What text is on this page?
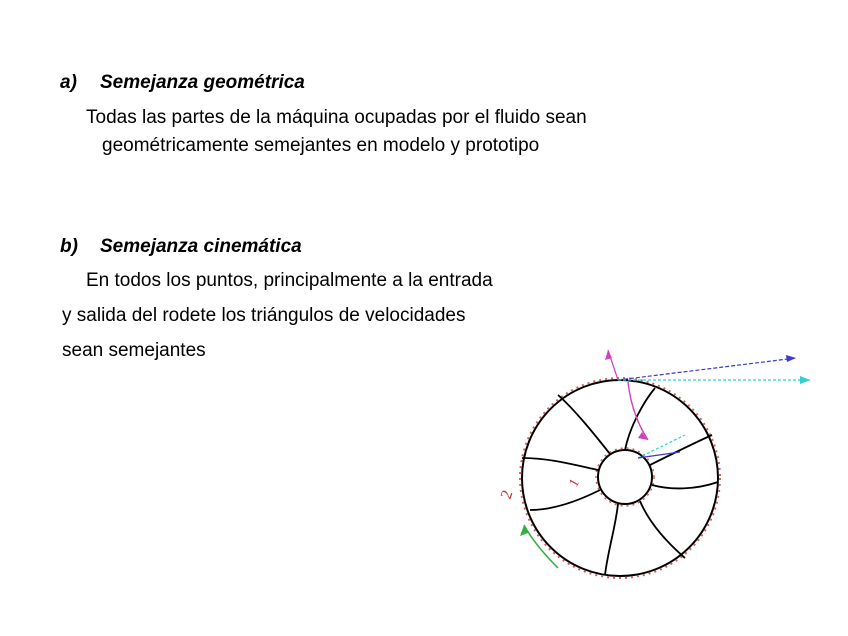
a) Semejanza geométrica
Todas las partes de la máquina ocupadas por el fluido sean
geométricamente semejantes en modelo y prototipo
b) Semejanza cinemática
En todos los puntos, principalmente a la entrada
y salida del rodete los triángulos de velocidades
sean semejantes
1
2
